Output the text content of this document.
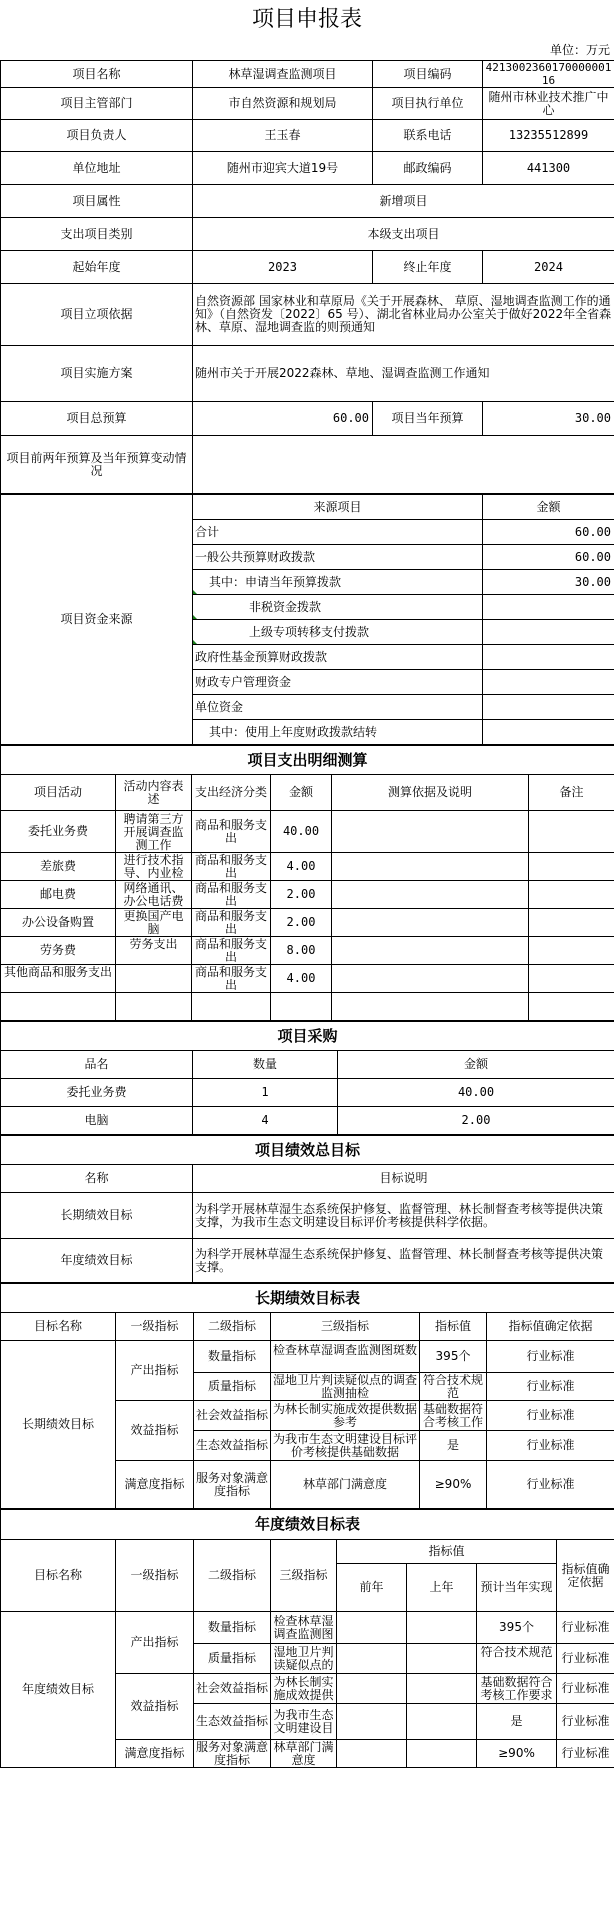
项目申报表
单位：万元
项目名称	林草湿调查监测项目	项目编码	421300236017000000116
项目主管部门	市自然资源和规划局	项目执行单位	随州市林业技术推广中心
项目负责人	王玉春	联系电话	13235512899
单位地址	随州市迎宾大道19号	邮政编码	441300
项目属性	新增项目		
支出项目类别	本级支出项目		
起始年度	2023	终止年度	2024
项目立项依据	自然资源部 国家林业和草原局《关于开展森林、 草原、湿地调查监测工作的通知》（自然资发〔2022〕65 号）、湖北省林业局办公室关于做好2022年全省森林、草原、湿地调查监的则预通知		
项目实施方案	随州市关于开展2022森林、草地、湿调查监测工作通知		
项目总预算	60.00	项目当年预算	30.00
项目前两年预算及当年预算变动情况			
项目资金来源	来源项目	金额
	合计	60.00
	一般公共预算财政拨款	60.00
	其中：申请当年预算拨款	30.00
	非税资金拨款	
	上级专项转移支付拨款	
	政府性基金预算财政拨款	
	财政专户管理资金	
	单位资金	
	其中：使用上年度财政拨款结转	
项目支出明细测算					
项目活动	活动内容表述	支出经济分类	金额	测算依据及说明	备注
委托业务费	聘请第三方开展调查监测工作	商品和服务支出	40.00		
差旅费	进行技术指导、内业检	商品和服务支出	4.00		
邮电费	网络通讯、办公电话费	商品和服务支出	2.00		
办公设备购置	更换国产电脑	商品和服务支出	2.00		
劳务费	劳务支出	商品和服务支出	8.00		

其他商品和服务支出		商品和服务支出	4.00		

项目采购		
品名	数量	金额
委托业务费	1	40.00
电脑	4	2.00
项目绩效总目标	
名称	目标说明
长期绩效目标	为科学开展林草湿生态系统保护修复、监督管理、林长制督查考核等提供决策支撑，为我市生态文明建设目标评价考核提供科学依据。
年度绩效目标	为科学开展林草湿生态系统保护修复、监督管理、林长制督查考核等提供决策支撑。
长期绩效目标表					
目标名称	一级指标	二级指标	三级指标	指标值	指标值确定依据
长期绩效目标	产出指标	数量指标	检查林草湿调查监测图斑数	395个	行业标准
		质量指标	湿地卫片判读疑似点的调查监测抽检	符合技术规范	行业标准
	效益指标	社会效益指标	为林长制实施成效提供数据参考	基础数据符合考核工作	行业标准
		生态效益指标	为我市生态文明建设目标评价考核提供基础数据	是	行业标准
	满意度指标	服务对象满意度指标	林草部门满意度	≥90%	行业标准
年度绩效目标表							
目标名称	一级指标	二级指标	三级指标	指标值			指标值确定依据
				前年	上年	预计当年实现	
年度绩效目标	产出指标	数量指标	检查林草湿调查监测图			395个	行业标准
		质量指标	湿地卫片判读疑似点的			符合技术规范	行业标准
	效益指标	社会效益指标	为林长制实施成效提供			基础数据符合考核工作要求	行业标准
		生态效益指标	为我市生态文明建设目			是	行业标准
	满意度指标	服务对象满意度指标	林草部门满意度			≥90%	行业标准
